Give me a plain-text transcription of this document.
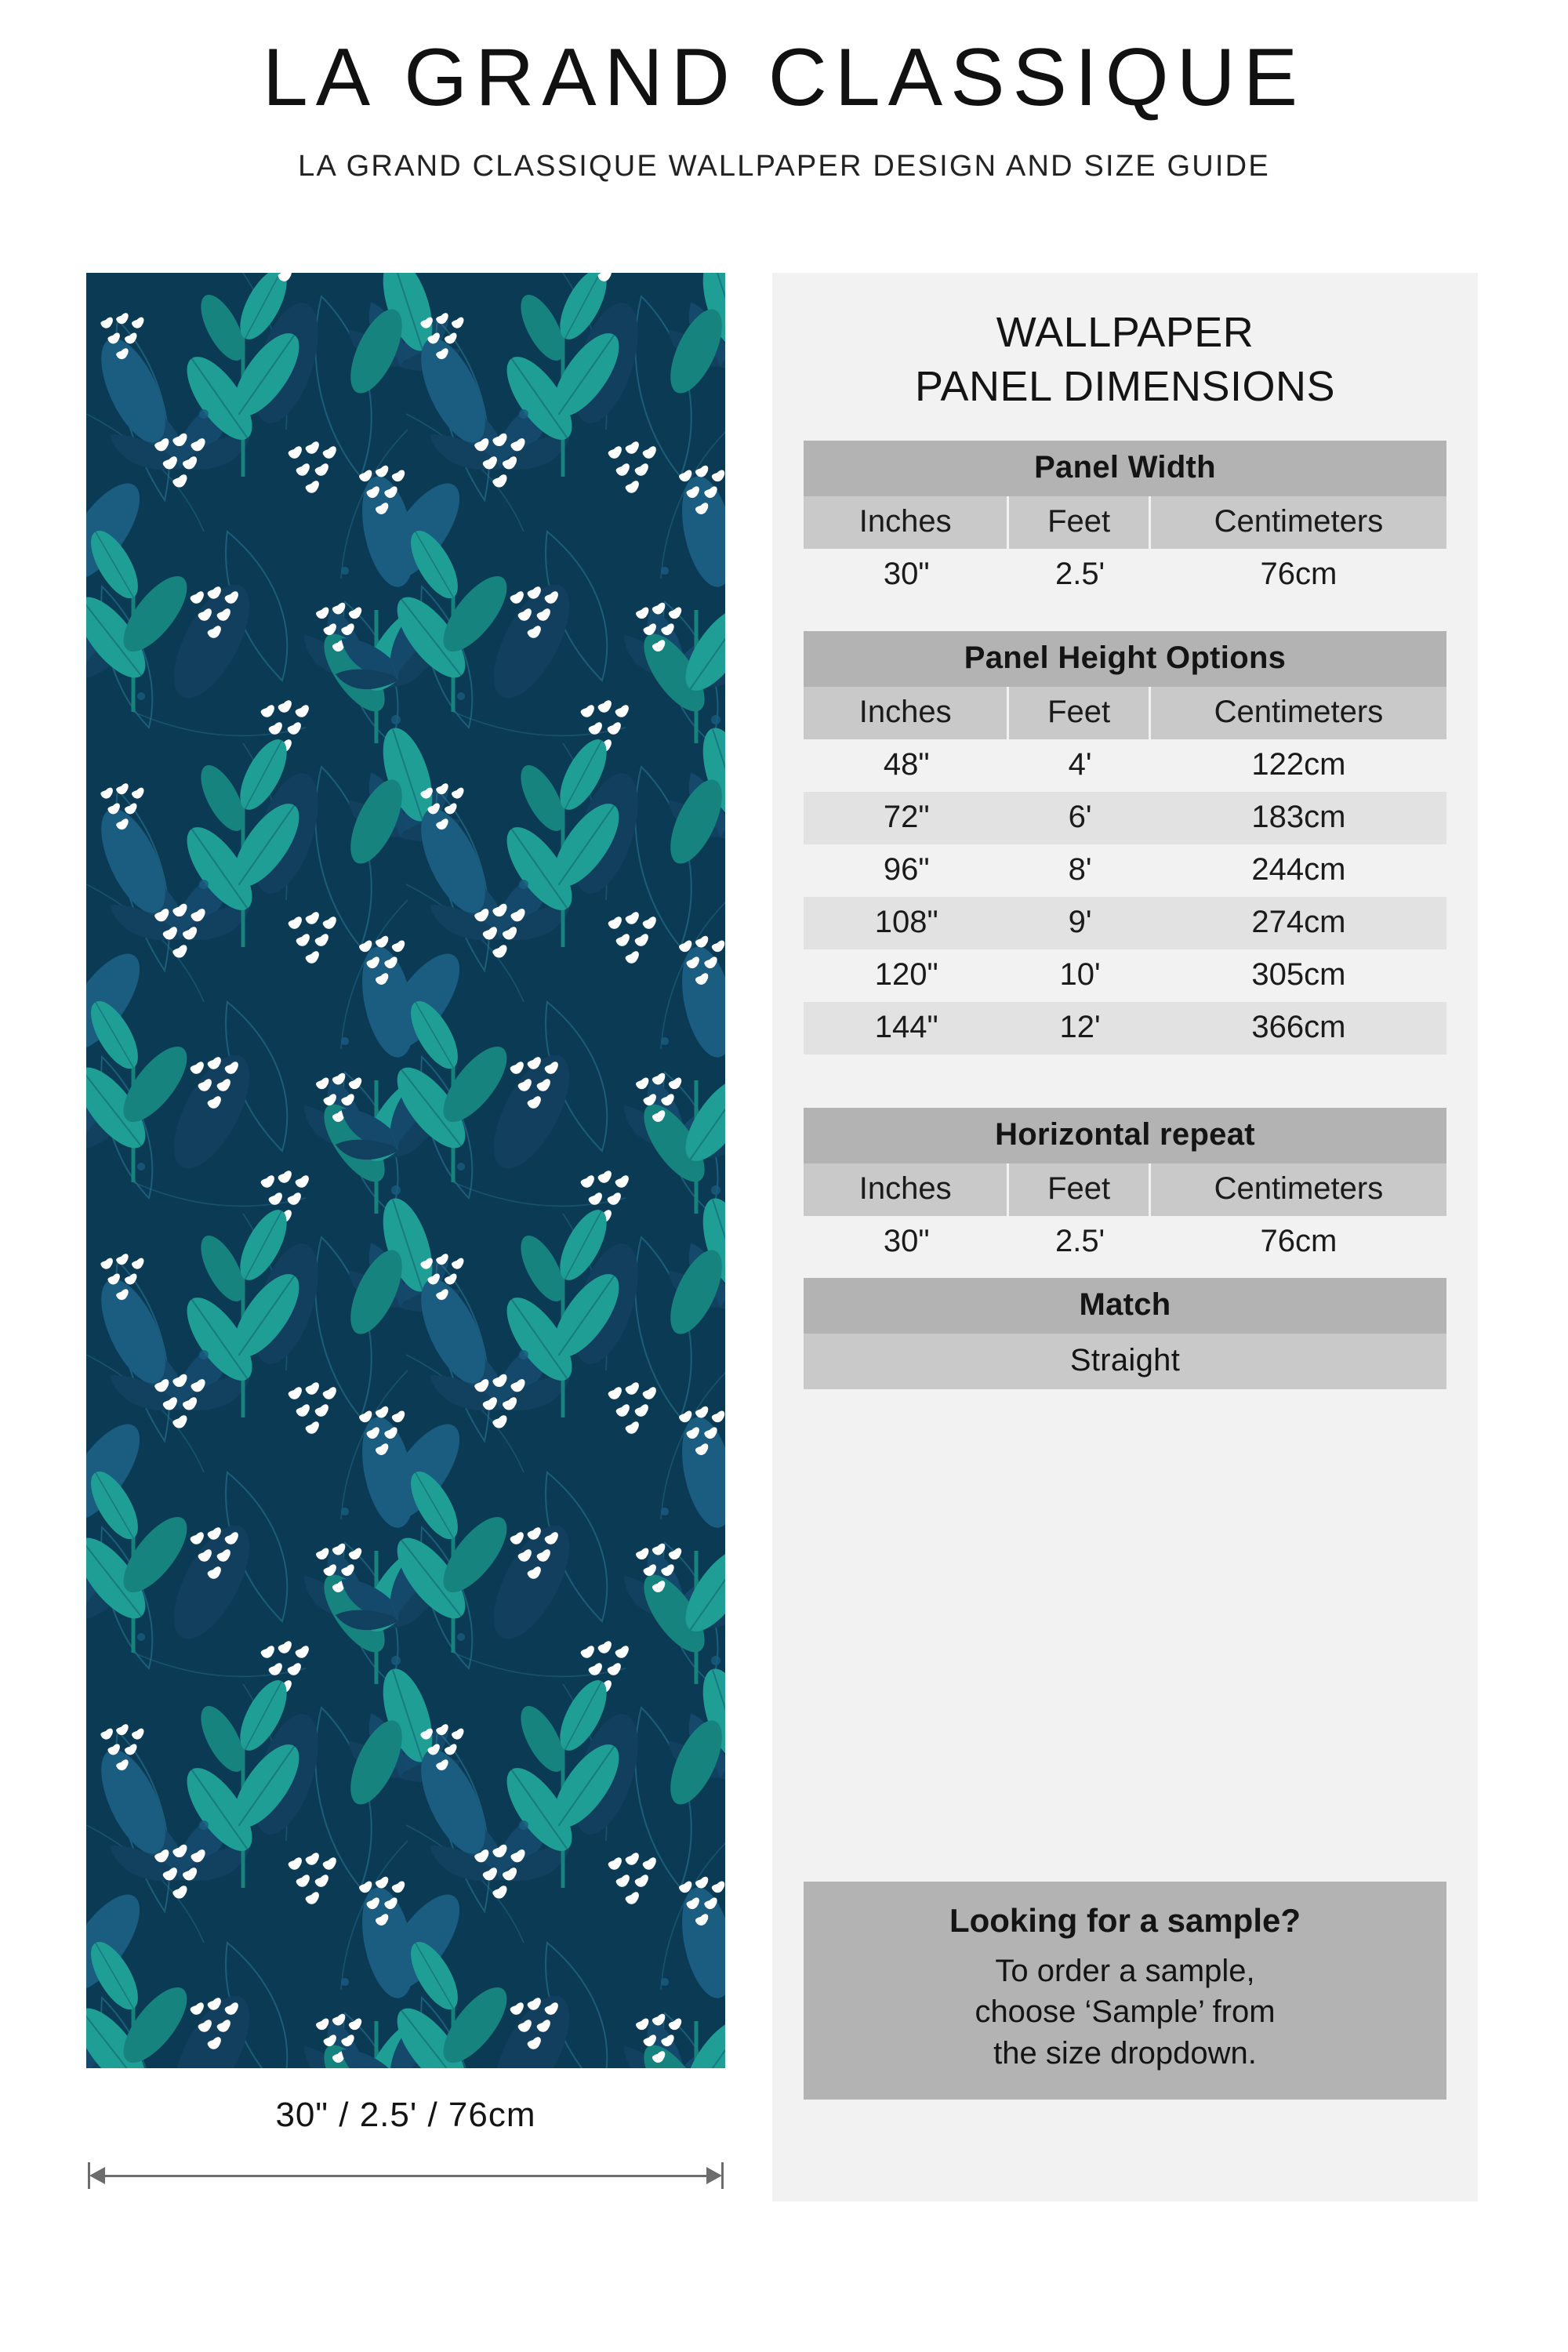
LA GRAND CLASSIQUE

LA GRAND CLASSIQUE WALLPAPER DESIGN AND SIZE GUIDE

30" / 2.5' / 76cm
WALLPAPER
PANEL DIMENSIONS
Panel Width
Inches	Feet	Centimeters
30"	2.5'	76cm
Panel Height Options
Inches	Feet	Centimeters
48"	4'	122cm
72"	6'	183cm
96"	8'	244cm
108"	9'	274cm
120"	10'	305cm
144"	12'	366cm
Horizontal repeat
Inches	Feet	Centimeters
30"	2.5'	76cm
Match
Straight
Looking for a sample?

To order a sample,

choose ‘Sample’ from

the size dropdown.
